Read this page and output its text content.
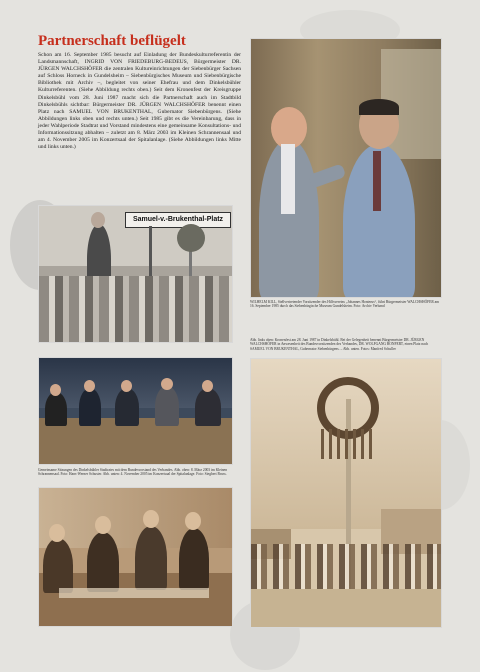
Partnerschaft beflügelt

Schon am 16. September 1985 besucht auf Einladung der Bundeskulturreferentin der Landsmannschaft, INGRID VON FRIEDEBURG-BEDEUS, Bürgermeister DR. JÜRGEN WALCHSHÖFER die zentralen Kultureinrichtungen der Siebenbürger Sachsen auf Schloss Horneck in Gundelsheim – Siebenbürgisches Museum und Siebenbürgische Bibliothek mit Archiv –, begleitet von seiner Ehefrau und dem Dinkelsbühler Kulturreferenten. (Siehe Abbildung rechts oben.) Seit dem Kronenfest der Kreisgruppe Dinkelsbühl vom 28. Juni 1987 macht sich die Partnerschaft auch im Stadtbild Dinkelsbühls sichtbar: Bürgermeister DR. JÜRGEN WALCHSHÖFER benennt einen Platz nach SAMUEL VON BRUKENTHAL, Gubernator Siebenbürgens. (Siehe Abbildungen links oben und rechts unten.) Seit 1985 gibt es die Vereinbarung, dass in jeder Wahlperiode Stadtrat und Vorstand mindestens eine gemeinsame Konsultations- und Informationssitzung abhalten – zuletzt am 8. März 2003 im Kleinen Schrannensaal und am 4. November 2005 im Konzertsaal der Spitalanlage. (Siehe Abbildungen links Mitte und links unten.)

WILHELM KILL, Stellvertretender Vorsitzender des Hilfsvereins „Johannes Honterus“, führt Bürgermeister WALCHSHÖFER am 16. September 1985 durch das Siebenbürgische Museum Gundelsheim. Foto: Archiv Verband

Samuel-v.-Brukenthal-Platz

Gemeinsame Sitzungen des Dinkelsbühler Stadtrates mit dem Bundesvorstand des Verbandes. Abb. oben: 8. März 2003 im Kleinen Schrannensaal. Foto: Hans-Werner Schuster. Abb. unten: 4. November 2005 im Konzertsaal der Spitalanlage. Foto: Siegbert Bruss.

Abb. links oben: Kronenfest am 28. Juni 1987 in Dinkelsbühl. Bei der Gelegenheit benennt Bürgermeister DR. JÜRGEN WALCHSHÖFER in Anwesenheit des Bundesvorsitzenden des Verbandes, DR. WOLFGANG BONFERT, einen Platz nach SAMUEL VON BRUKENTHAL, Gubernator Siebenbürgens. – Abb. unten. Fotos: Manfred Schuller
